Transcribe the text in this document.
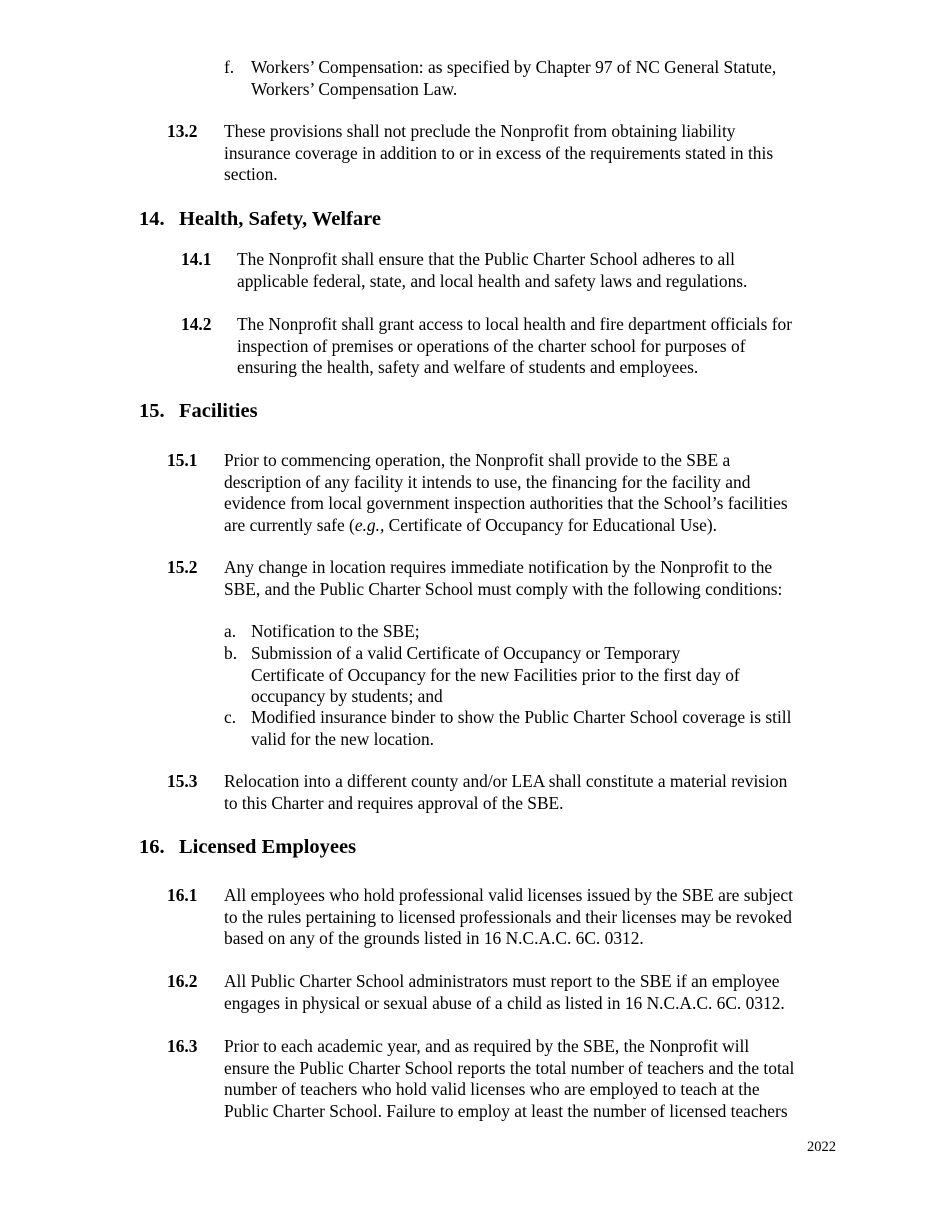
f. Workers’ Compensation: as specified by Chapter 97 of NC General Statute,
Workers’ Compensation Law.
13.2 These provisions shall not preclude the Nonprofit from obtaining liability
insurance coverage in addition to or in excess of the requirements stated in this
section.
14. Health, Safety, Welfare
14.1 The Nonprofit shall ensure that the Public Charter School adheres to all
applicable federal, state, and local health and safety laws and regulations.
14.2 The Nonprofit shall grant access to local health and fire department officials for
inspection of premises or operations of the charter school for purposes of
ensuring the health, safety and welfare of students and employees.
15. Facilities
15.1 Prior to commencing operation, the Nonprofit shall provide to the SBE a
description of any facility it intends to use, the financing for the facility and
evidence from local government inspection authorities that the School’s facilities
are currently safe (e.g., Certificate of Occupancy for Educational Use).
15.2 Any change in location requires immediate notification by the Nonprofit to the
SBE, and the Public Charter School must comply with the following conditions:
a. Notification to the SBE;
b. Submission of a valid Certificate of Occupancy or Temporary
Certificate of Occupancy for the new Facilities prior to the first day of
occupancy by students; and
c. Modified insurance binder to show the Public Charter School coverage is still
valid for the new location.
15.3 Relocation into a different county and/or LEA shall constitute a material revision
to this Charter and requires approval of the SBE.
16. Licensed Employees
16.1 All employees who hold professional valid licenses issued by the SBE are subject
to the rules pertaining to licensed professionals and their licenses may be revoked
based on any of the grounds listed in 16 N.C.A.C. 6C. 0312.
16.2 All Public Charter School administrators must report to the SBE if an employee
engages in physical or sexual abuse of a child as listed in 16 N.C.A.C. 6C. 0312.
16.3 Prior to each academic year, and as required by the SBE, the Nonprofit will
ensure the Public Charter School reports the total number of teachers and the total
number of teachers who hold valid licenses who are employed to teach at the
Public Charter School. Failure to employ at least the number of licensed teachers
2022
